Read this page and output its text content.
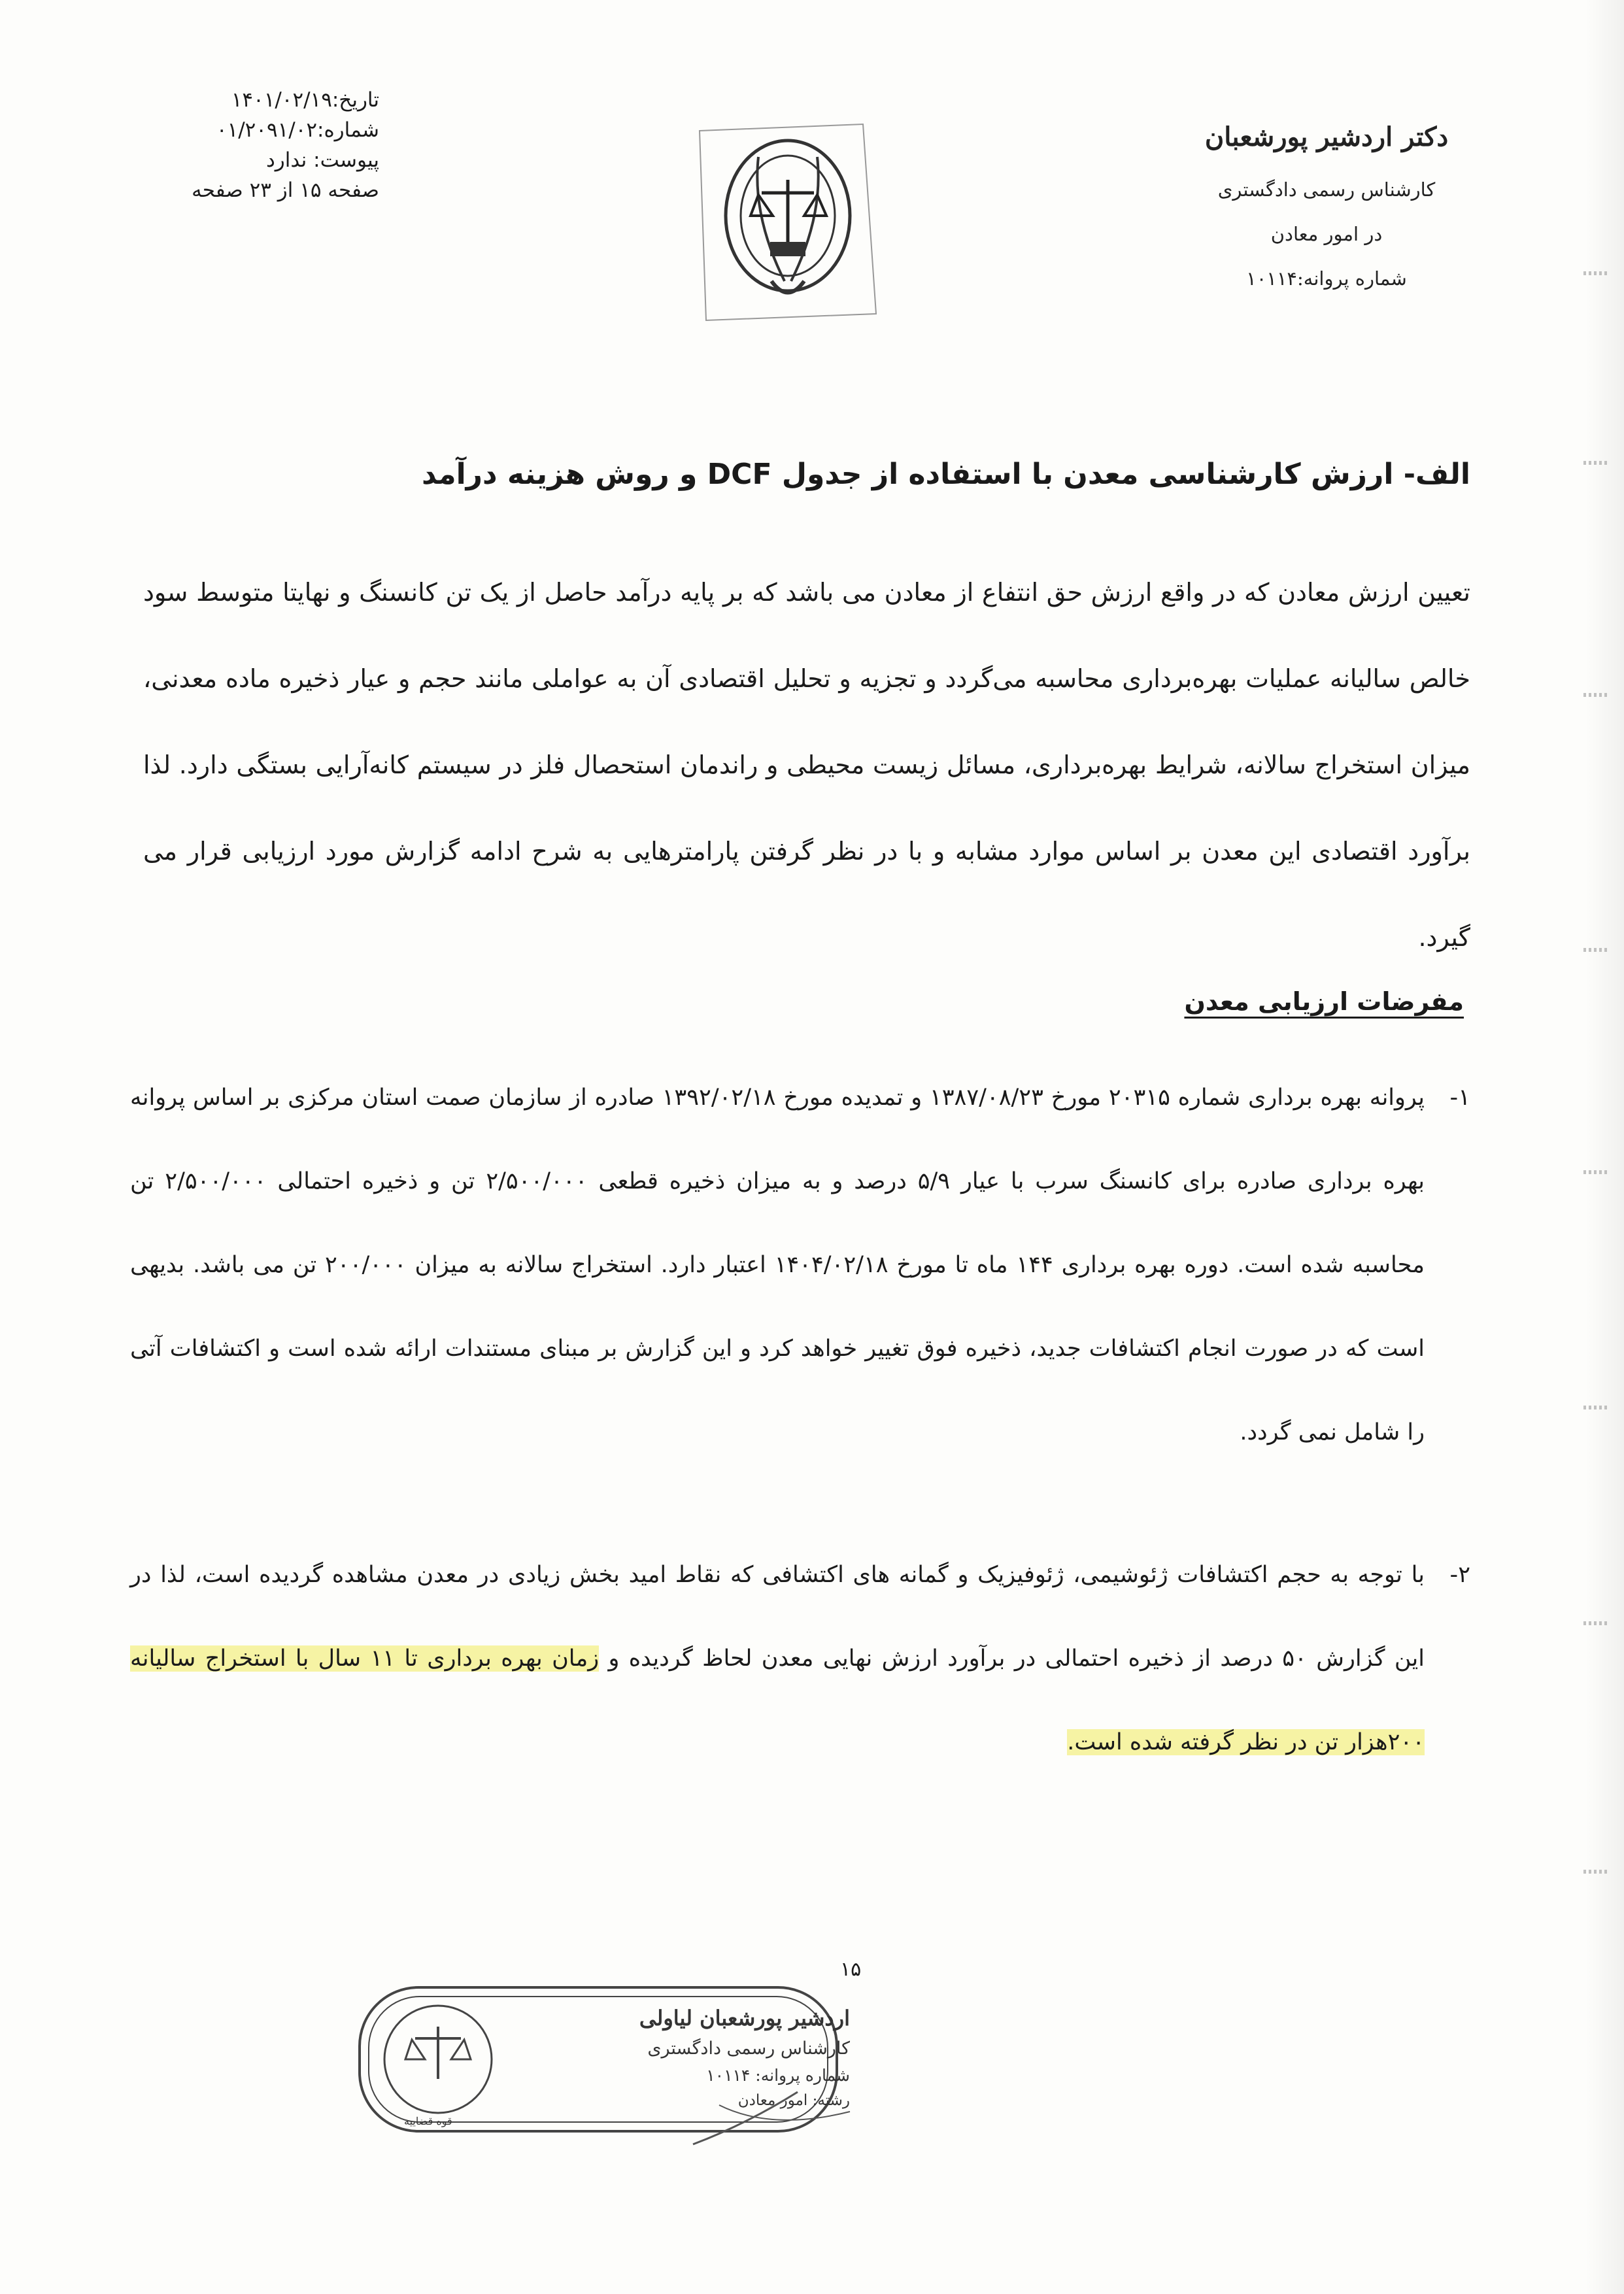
تاریخ:۱۴۰۱/۰۲/۱۹
شماره:۰۱/۲۰۹۱/۰۲
پیوست: ندارد
صفحه ۱۵ از ۲۳ صفحه
دکتر اردشیر پورشعبان
کارشناس رسمی دادگستری
در امور معادن
شماره پروانه:۱۰۱۱۴
الف- ارزش کارشناسی معدن با استفاده از جدول DCF و روش هزینه درآمد
تعیین ارزش معادن که در واقع ارزش حق انتفاع از معادن می باشد که بر پایه درآمد حاصل از یک تن کانسنگ و نهایتا متوسط سود خالص سالیانه عملیات بهره‌برداری محاسبه می‌گردد و تجزیه و تحلیل اقتصادی آن به عواملی مانند حجم و عیار ذخیره ماده معدنی، میزان استخراج سالانه، شرایط بهره‌برداری، مسائل زیست محیطی و راندمان استحصال فلز در سیستم کانه‌آرایی بستگی دارد. لذا برآورد اقتصادی این معدن بر اساس موارد مشابه و با در نظر گرفتن پارامترهایی به شرح ادامه گزارش مورد ارزیابی قرار می گیرد.
مفرضات ارزیابی معدن
۱-
پروانه بهره برداری شماره ۲۰۳۱۵ مورخ ۱۳۸۷/۰۸/۲۳ و تمدیده مورخ ۱۳۹۲/۰۲/۱۸ صادره از سازمان صمت استان مرکزی بر اساس پروانه بهره برداری صادره برای کانسنگ سرب با عیار ۵/۹ درصد و به میزان ذخیره قطعی ۲/۵۰۰/۰۰۰ تن و ذخیره احتمالی ۲/۵۰۰/۰۰۰ تن محاسبه شده است. دوره بهره برداری ۱۴۴ ماه تا مورخ ۱۴۰۴/۰۲/۱۸ اعتبار دارد. استخراج سالانه به میزان ۲۰۰/۰۰۰ تن می باشد. بدیهی است که در صورت انجام اکتشافات جدید، ذخیره فوق تغییر خواهد کرد و این گزارش بر مبنای مستندات ارائه شده است و اکتشافات آتی را شامل نمی گردد.
۲-
با توجه به حجم اکتشافات ژئوشیمی، ژئوفیزیک و گمانه های اکتشافی که نقاط امید بخش زیادی در معدن مشاهده گردیده است، لذا در این گزارش ۵۰ درصد از ذخیره احتمالی در برآورد ارزش نهایی معدن لحاظ گردیده و زمان بهره برداری تا ۱۱ سال با استخراج سالیانه ۲۰۰هزار تن در نظر گرفته شده است.
۱۵
اردشیر پورشعبان لیاولی
کارشناس رسمی دادگستری
شماره پروانه: ۱۰۱۱۴
رشته: امور معادن
قوه قضاییه
